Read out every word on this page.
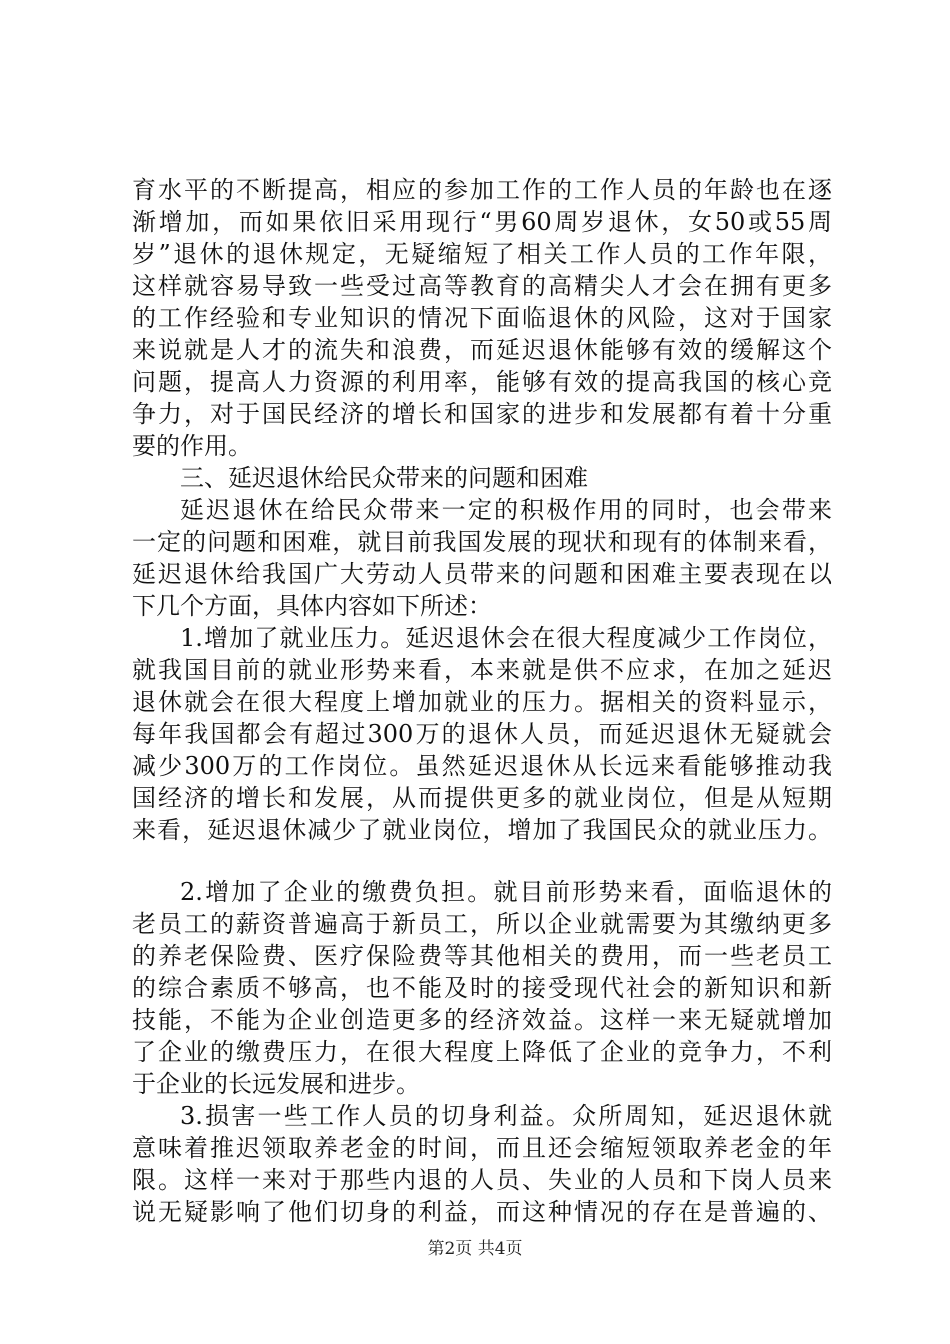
育水平的不断提高，相应的参加工作的工作人员的年龄也在逐
渐增加，而如果依旧采用现行“男60周岁退休，女50或55周
岁”退休的退休规定，无疑缩短了相关工作人员的工作年限，
这样就容易导致一些受过高等教育的高精尖人才会在拥有更多
的工作经验和专业知识的情况下面临退休的风险，这对于国家
来说就是人才的流失和浪费，而延迟退休能够有效的缓解这个
问题，提高人力资源的利用率，能够有效的提高我国的核心竞
争力，对于国民经济的增长和国家的进步和发展都有着十分重
要的作用。
三、延迟退休给民众带来的问题和困难
延迟退休在给民众带来一定的积极作用的同时，也会带来
一定的问题和困难，就目前我国发展的现状和现有的体制来看，
延迟退休给我国广大劳动人员带来的问题和困难主要表现在以
下几个方面，具体内容如下所述：
1.增加了就业压力。延迟退休会在很大程度减少工作岗位，
就我国目前的就业形势来看，本来就是供不应求，在加之延迟
退休就会在很大程度上增加就业的压力。据相关的资料显示，
每年我国都会有超过300万的退休人员，而延迟退休无疑就会
减少300万的工作岗位。虽然延迟退休从长远来看能够推动我
国经济的增长和发展，从而提供更多的就业岗位，但是从短期
来看，延迟退休减少了就业岗位，增加了我国民众的就业压力。
2.增加了企业的缴费负担。就目前形势来看，面临退休的
老员工的薪资普遍高于新员工，所以企业就需要为其缴纳更多
的养老保险费、医疗保险费等其他相关的费用，而一些老员工
的综合素质不够高，也不能及时的接受现代社会的新知识和新
技能，不能为企业创造更多的经济效益。这样一来无疑就增加
了企业的缴费压力，在很大程度上降低了企业的竞争力，不利
于企业的长远发展和进步。
3.损害一些工作人员的切身利益。众所周知，延迟退休就
意味着推迟领取养老金的时间，而且还会缩短领取养老金的年
限。这样一来对于那些内退的人员、失业的人员和下岗人员来
说无疑影响了他们切身的利益，而这种情况的存在是普遍的、
第2页 共4页
